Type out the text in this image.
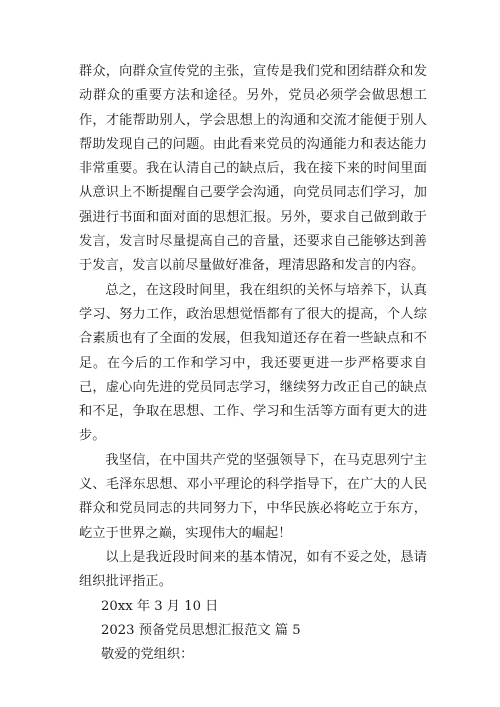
群众，向群众宣传党的主张，宣传是我们党和团结群众和发动群众的重要方法和途径。另外，党员必须学会做思想工作，才能帮助别人，学会思想上的沟通和交流才能便于别人帮助发现自己的问题。由此看来党员的沟通能力和表达能力非常重要。我在认清自己的缺点后，我在接下来的时间里面从意识上不断提醒自己要学会沟通，向党员同志们学习，加强进行书面和面对面的思想汇报。另外，要求自己做到敢于发言，发言时尽量提高自己的音量，还要求自己能够达到善于发言，发言以前尽量做好准备，理清思路和发言的内容。

总之，在这段时间里，我在组织的关怀与培养下，认真学习、努力工作，政治思想觉悟都有了很大的提高，个人综合素质也有了全面的发展，但我知道还存在着一些缺点和不足。在今后的工作和学习中，我还要更进一步严格要求自己，虚心向先进的党员同志学习，继续努力改正自己的缺点和不足，争取在思想、工作、学习和生活等方面有更大的进步。

我坚信，在中国共产党的坚强领导下，在马克思列宁主义、毛泽东思想、邓小平理论的科学指导下，在广大的人民群众和党员同志的共同努力下，中华民族必将屹立于东方，屹立于世界之巅，实现伟大的崛起！

以上是我近段时间来的基本情况，如有不妥之处，恳请组织批评指正。

20xx 年 3 月 10 日

2023 预备党员思想汇报范文 篇 5

敬爱的党组织：
